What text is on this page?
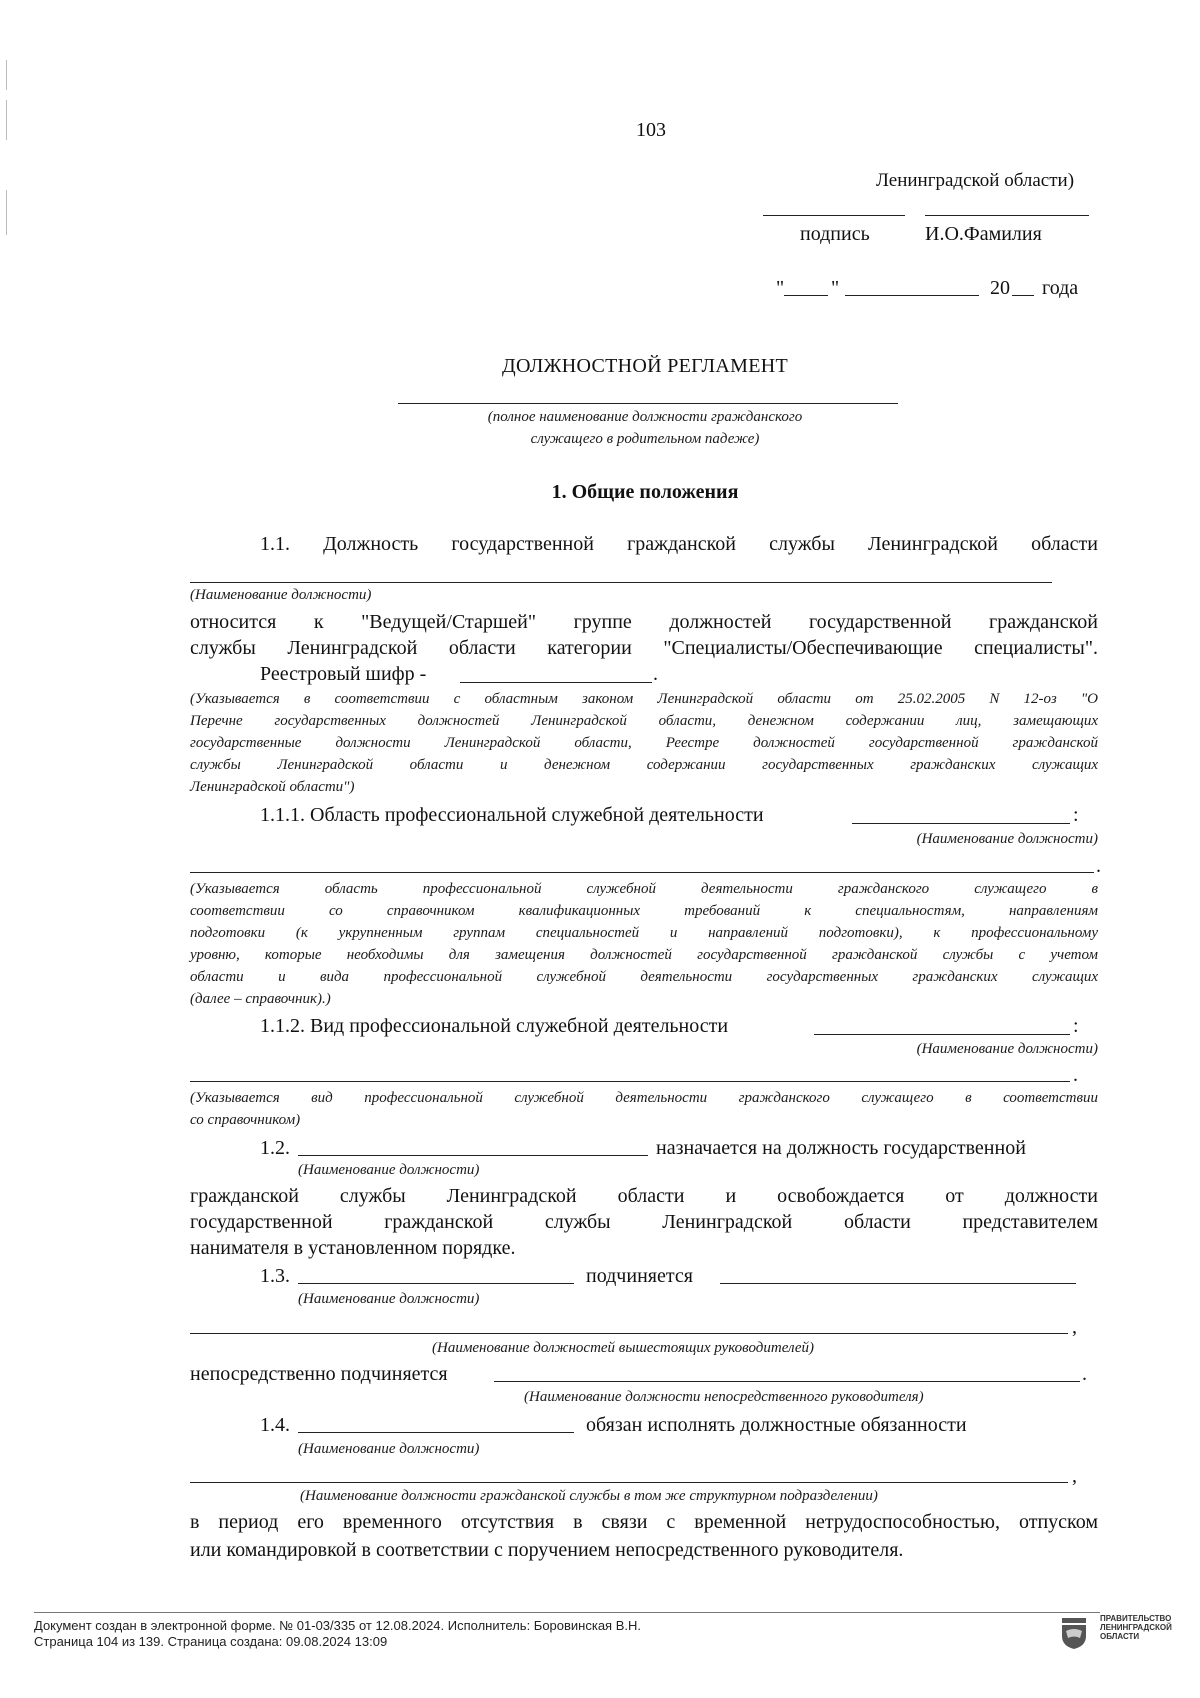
103
Ленинградской области)
подпись	И.О.Фамилия
" "	20 года
ДОЛЖНОСТНОЙ РЕГЛАМЕНТ
(полное наименование должности гражданского
служащего в родительном падеже)
1. Общие положения
1.1. Должность государственной гражданской службы Ленинградской области
(Наименование должности)
относится к "Ведущей/Старшей" группе должностей государственной гражданской
службы Ленинградской области категории "Специалисты/Обеспечивающие специалисты".
Реестровый шифр -	.
(Указывается в соответствии с областным законом Ленинградской области от 25.02.2005 N 12-оз "О
Перечне государственных должностей Ленинградской области, денежном содержании лиц, замещающих
государственные должности Ленинградской области, Реестре должностей государственной гражданской
службы Ленинградской области и денежном содержании государственных гражданских служащих
Ленинградской области")
1.1.1. Область профессиональной служебной деятельности	:
(Наименование должности)
.
(Указывается область профессиональной служебной деятельности гражданского служащего в
соответствии со справочником квалификационных требований к специальностям, направлениям
подготовки (к укрупненным группам специальностей и направлений подготовки), к профессиональному
уровню, которые необходимы для замещения должностей государственной гражданской службы с учетом
области и вида профессиональной служебной деятельности государственных гражданских служащих
(далее – справочник).)
1.1.2. Вид профессиональной служебной деятельности	:
(Наименование должности)
.
(Указывается вид профессиональной служебной деятельности гражданского служащего в соответствии
со справочником)
1.2.	назначается на должность государственной
(Наименование должности)
гражданской службы Ленинградской области и освобождается от должности
государственной гражданской службы Ленинградской области представителем
нанимателя в установленном порядке.
1.3.	подчиняется
(Наименование должности)
,
(Наименование должностей вышестоящих руководителей)
непосредственно подчиняется	.
(Наименование должности непосредственного руководителя)
1.4.	обязан исполнять должностные обязанности
(Наименование должности)
,
(Наименование должности гражданской службы в том же структурном подразделении)
в период его временного отсутствия в связи с временной нетрудоспособностью, отпуском
или командировкой в соответствии с поручением непосредственного руководителя.
Документ создан в электронной форме. № 01-03/335 от 12.08.2024. Исполнитель: Боровинская В.Н.
Страница 104 из 139. Страница создана: 09.08.2024 13:09
ПРАВИТЕЛЬСТВО
ЛЕНИНГРАДСКОЙ
ОБЛАСТИ
